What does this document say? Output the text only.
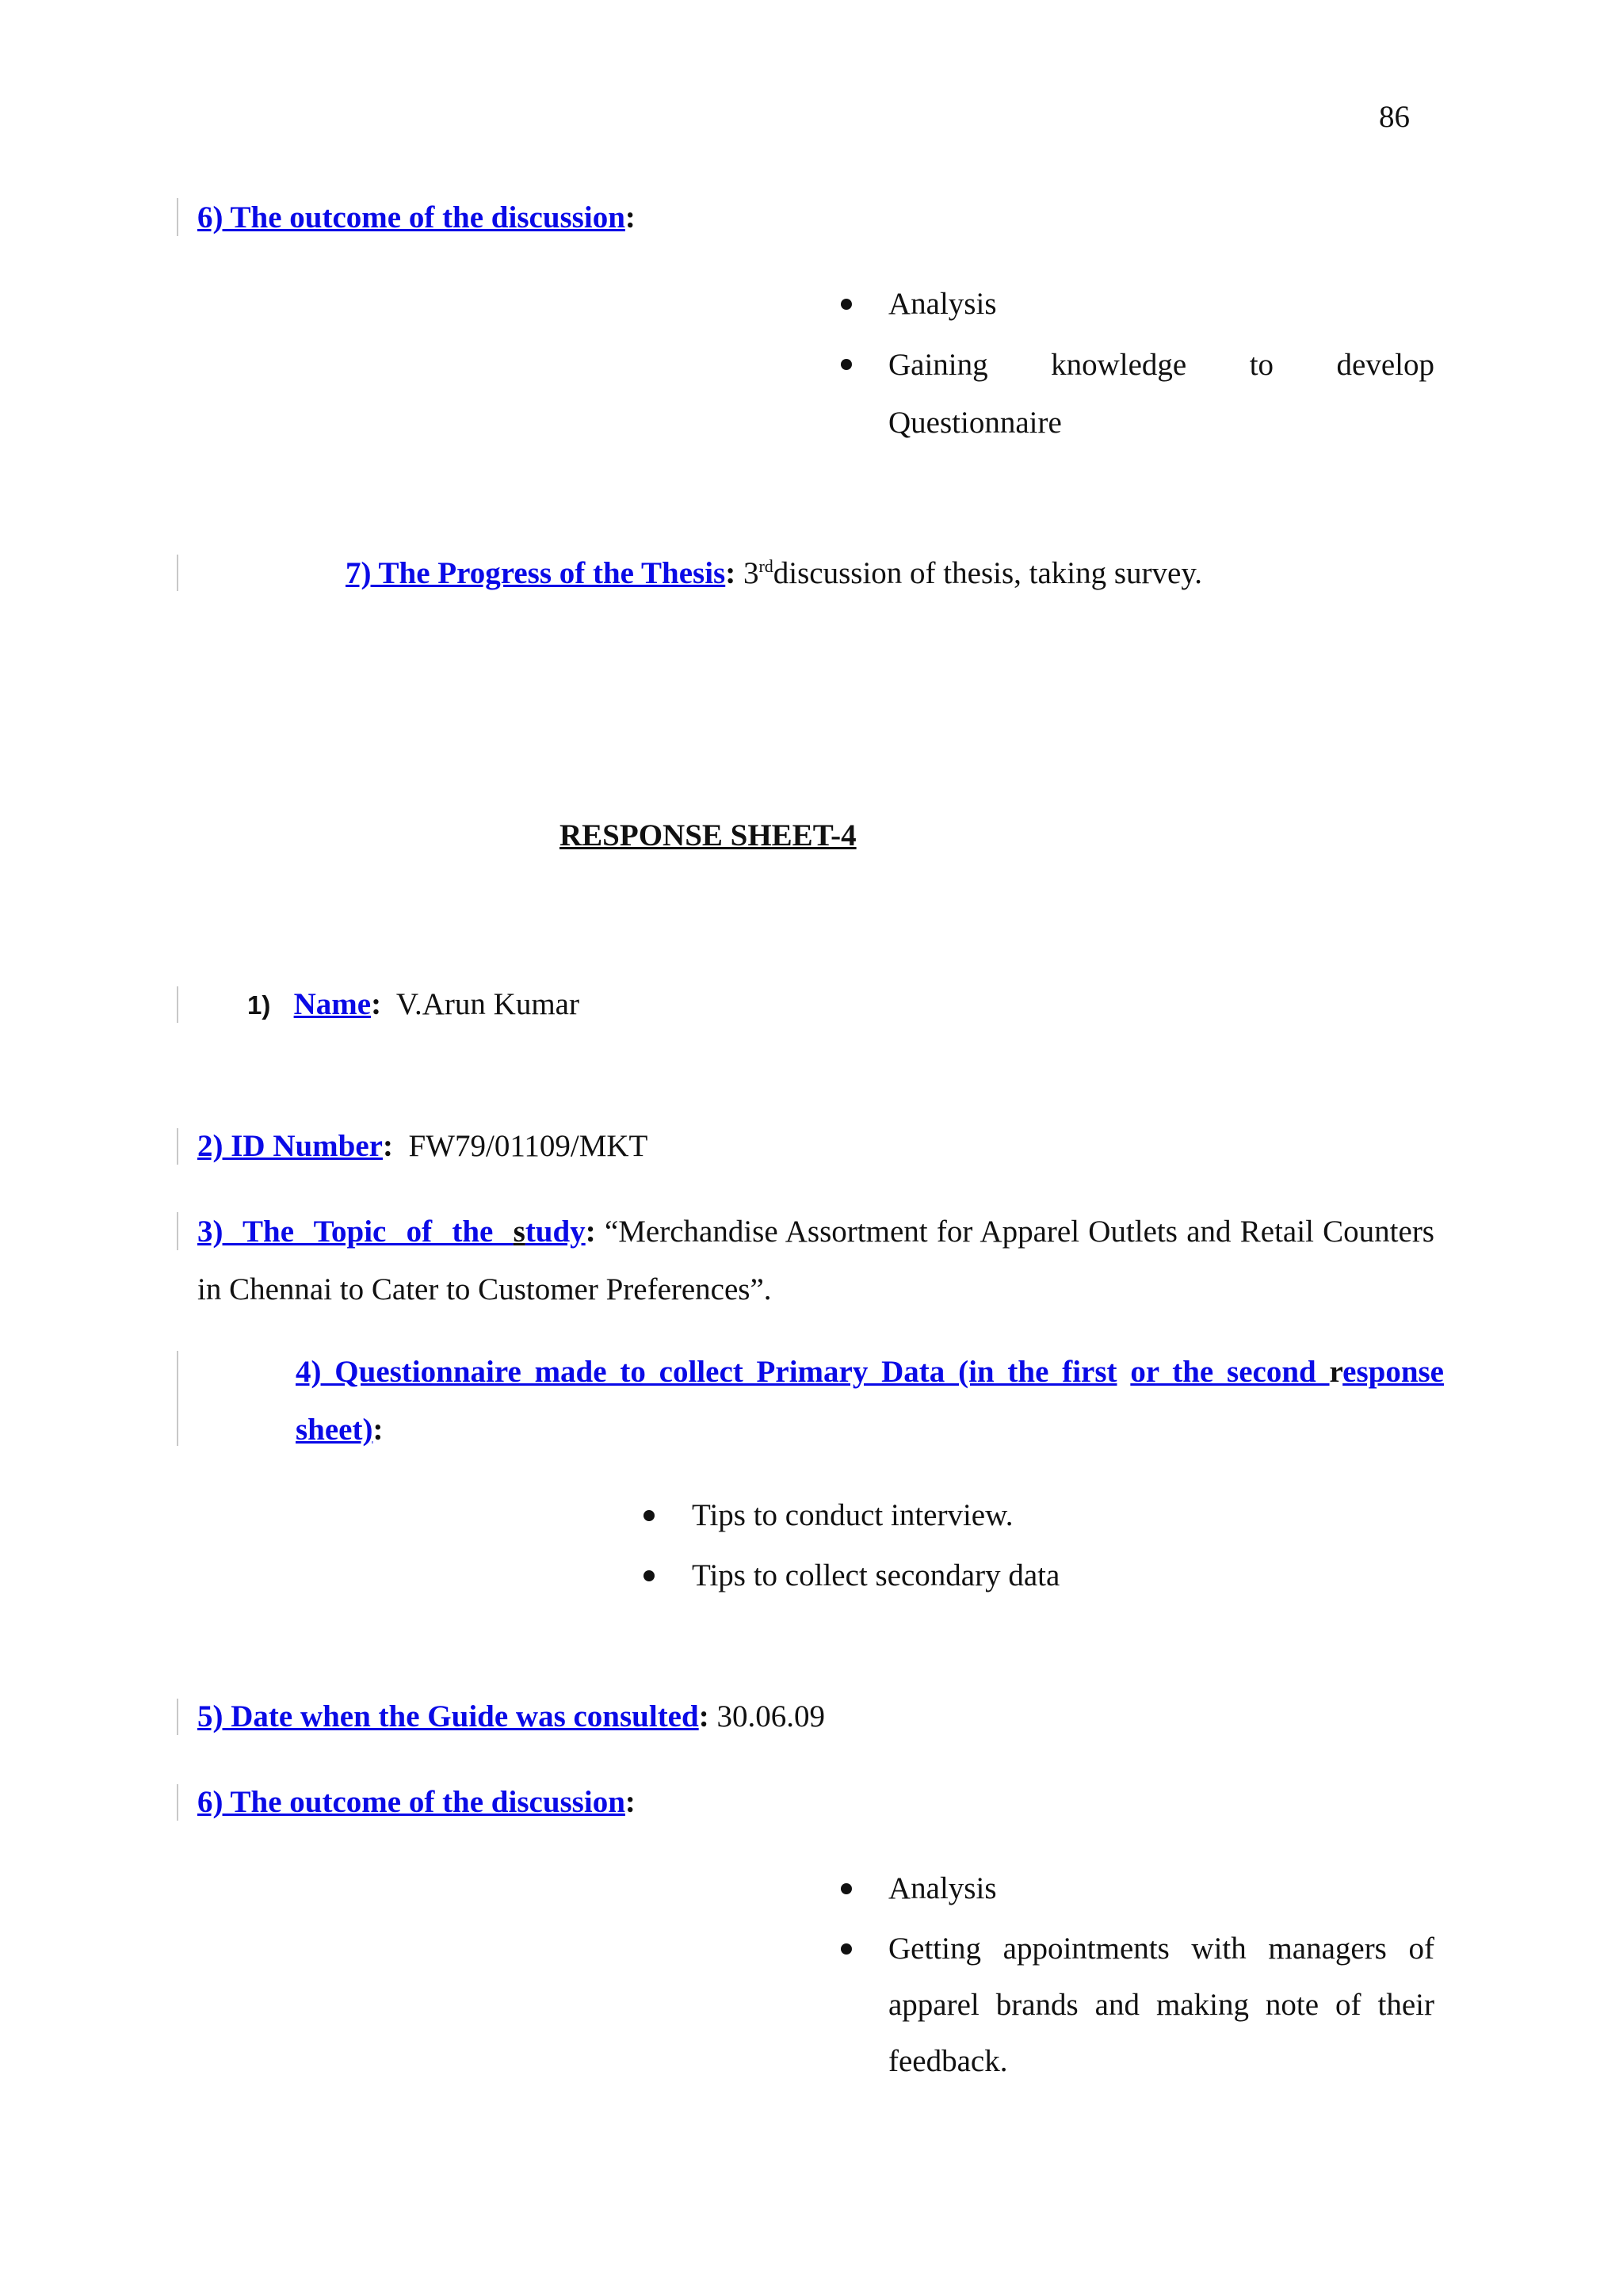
86
6) The outcome of the discussion:
Analysis
Gaining knowledge to develop Questionnaire
7) The Progress of the Thesis: 3rddiscussion of thesis, taking survey.
RESPONSE SHEET-4
1) Name:  V.Arun Kumar
2) ID Number:  FW79/01109/MKT
3) The Topic of the study: “Merchandise Assortment for Apparel Outlets and Retail Counters in Chennai to Cater to Customer Preferences”.
4) Questionnaire made to collect Primary Data (in the first or the second response sheet):
Tips to conduct interview.
Tips to collect secondary data
5) Date when the Guide was consulted: 30.06.09
6) The outcome of the discussion:
Analysis
Getting appointments with managers of apparel brands and making note of their feedback.
